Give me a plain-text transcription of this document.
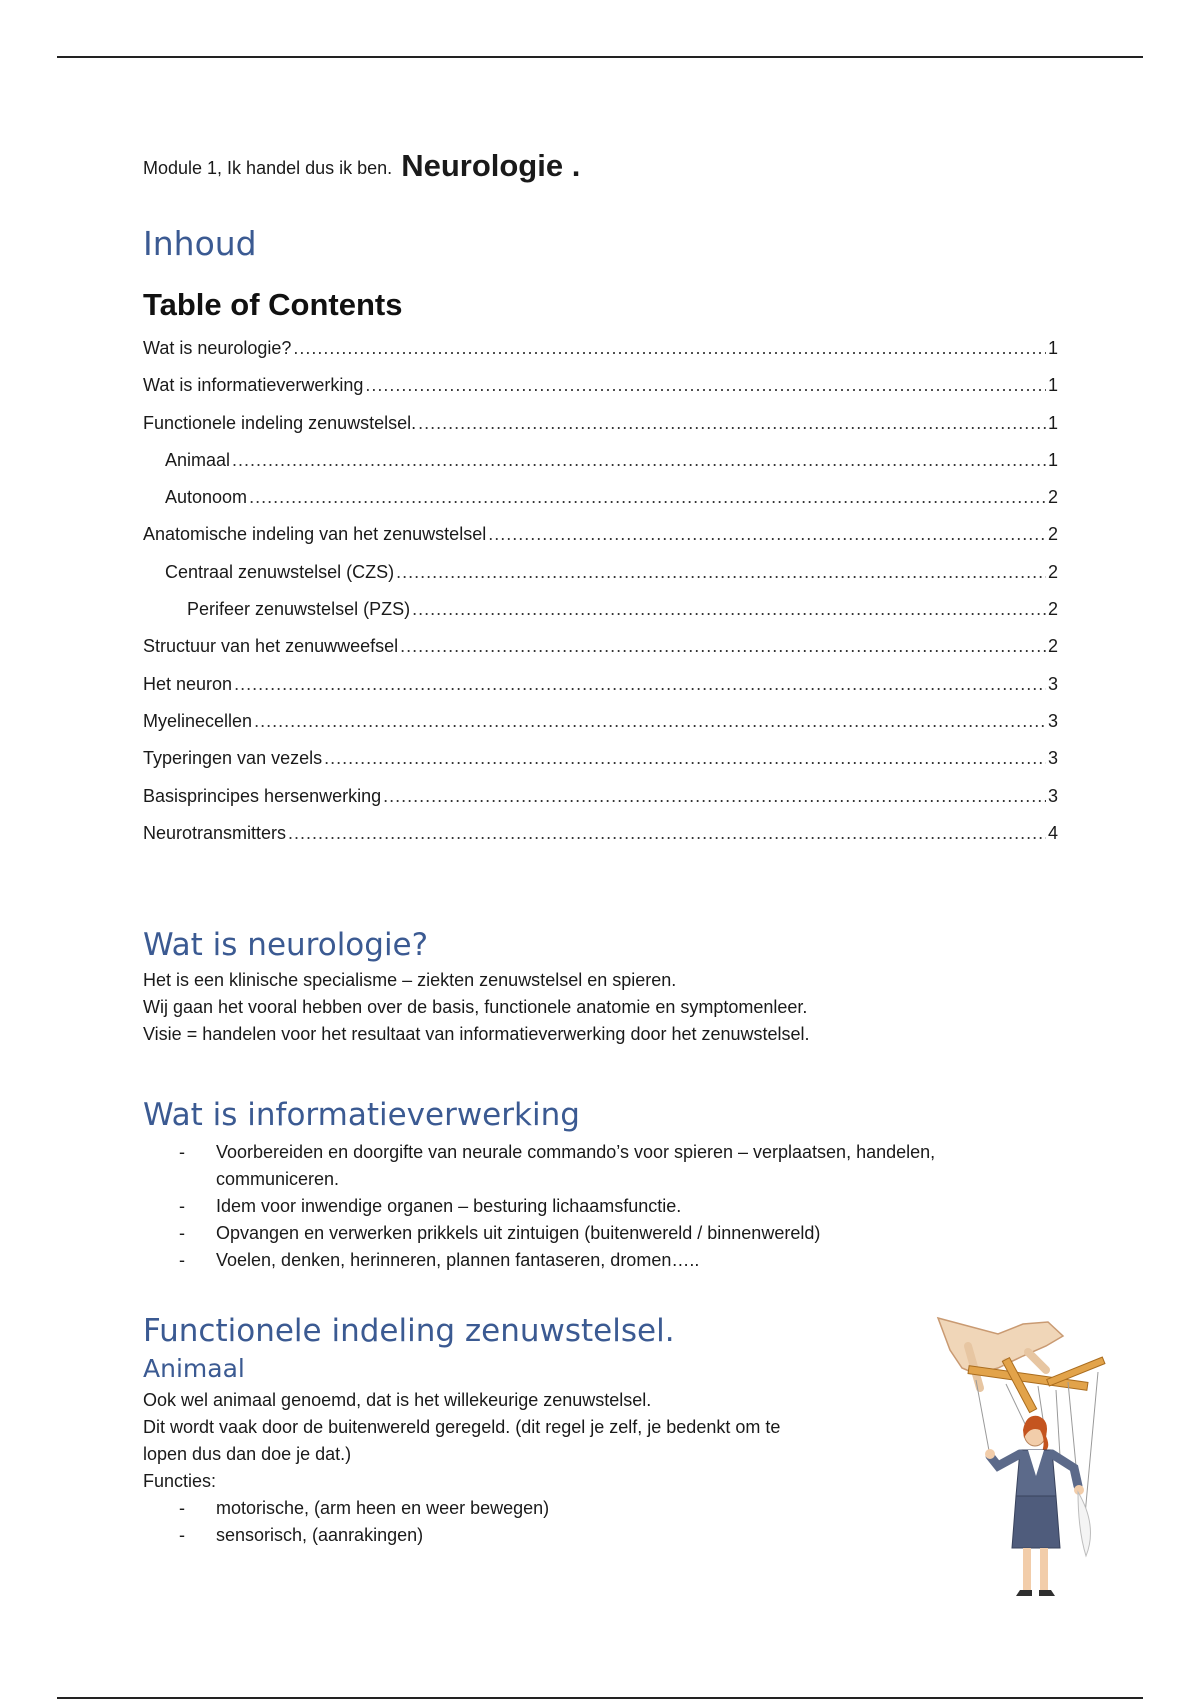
Module 1, Ik handel dus ik ben. Neurologie .
Inhoud
Table of Contents
Wat is neurologie? .....	1
Wat is informatieverwerking .....	1
Functionele indeling zenuwstelsel. .....	1
Animaal .....	1
Autonoom .....	2
Anatomische indeling van het zenuwstelsel .....	2
Centraal zenuwstelsel (CZS) .....	2
Perifeer zenuwstelsel (PZS) .....	2
Structuur van het zenuwweefsel .....	2
Het neuron .....	3
Myelinecellen .....	3
Typeringen van vezels .....	3
Basisprincipes hersenwerking .....	3
Neurotransmitters .....	4
Wat is neurologie?
Het is een klinische specialisme – ziekten zenuwstelsel en spieren.
Wij gaan het vooral hebben over de basis, functionele anatomie en symptomenleer.
Visie = handelen voor het resultaat van informatieverwerking door het zenuwstelsel.
Wat is informatieverwerking
- Voorbereiden en doorgifte van neurale commando’s voor spieren – verplaatsen, handelen, communiceren.
- Idem voor inwendige organen – besturing lichaamsfunctie.
- Opvangen en verwerken prikkels uit zintuigen (buitenwereld / binnenwereld)
- Voelen, denken, herinneren, plannen fantaseren, dromen…..
Functionele indeling zenuwstelsel.
Animaal
Ook wel animaal genoemd, dat is het willekeurige zenuwstelsel.
Dit wordt vaak door de buitenwereld geregeld. (dit regel je zelf, je bedenkt om te
lopen dus dan doe je dat.)
Functies:
- motorische, (arm heen en weer bewegen)
- sensorisch, (aanrakingen)
